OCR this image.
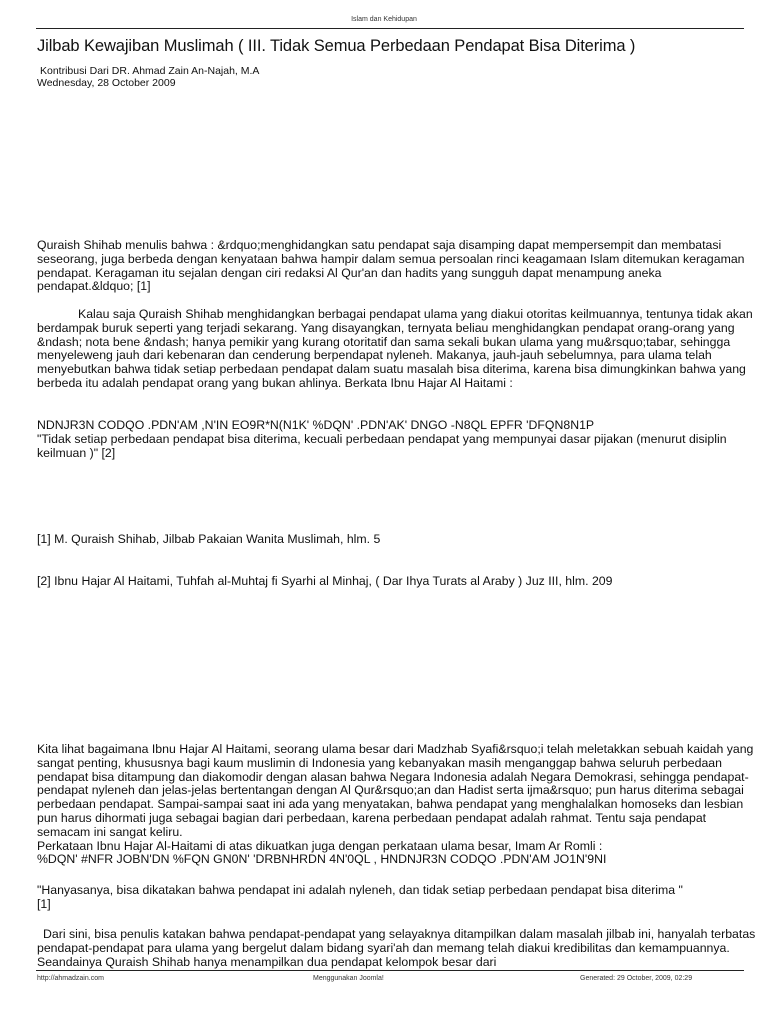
Islam dan Kehidupan
Jilbab Kewajiban Muslimah ( III. Tidak Semua Perbedaan Pendapat Bisa Diterima )
Kontribusi Dari DR. Ahmad Zain An-Najah, M.A
Wednesday, 28 October 2009

Quraish Shihab menulis bahwa : &rdquo;menghidangkan satu pendapat saja disamping dapat mempersempit dan membatasi seseorang, juga berbeda dengan kenyataan bahwa hampir dalam semua persoalan rinci keagamaan Islam ditemukan keragaman pendapat. Keragaman itu sejalan dengan ciri redaksi Al Qur'an dan hadits yang sungguh dapat menampung aneka pendapat.&ldquo; [1]

Kalau saja Quraish Shihab menghidangkan berbagai pendapat ulama yang diakui otoritas keilmuannya, tentunya tidak akan berdampak buruk seperti yang terjadi sekarang. Yang disayangkan, ternyata beliau menghidangkan pendapat orang-orang yang &ndash; nota bene &ndash; hanya pemikir yang kurang otoritatif dan sama sekali bukan ulama yang mu&rsquo;tabar, sehingga menyeleweng jauh dari kebenaran dan cenderung berpendapat nyleneh. Makanya, jauh-jauh sebelumnya, para ulama telah menyebutkan bahwa tidak setiap perbedaan pendapat dalam suatu masalah bisa diterima, karena bisa dimungkinkan bahwa yang berbeda itu adalah pendapat orang yang bukan ahlinya. Berkata Ibnu Hajar Al Haitami :

NDNJR3N CODQO .PDN'AM ,N'IN EO9R*N(N1K' %DQN' .PDN'AK' DNGO -N8QL EPFR 'DFQN8N1P
"Tidak setiap perbedaan pendapat bisa diterima, kecuali perbedaan pendapat yang mempunyai dasar pijakan (menurut disiplin keilmuan )" [2]

[1] M. Quraish Shihab, Jilbab Pakaian Wanita Muslimah, hlm. 5

[2] Ibnu Hajar Al Haitami, Tuhfah al-Muhtaj fi Syarhi al Minhaj, ( Dar Ihya Turats al Araby ) Juz III, hlm. 209

Kita lihat bagaimana Ibnu Hajar Al Haitami, seorang ulama besar dari Madzhab Syafi&rsquo;i telah meletakkan sebuah kaidah yang sangat penting, khususnya bagi kaum muslimin di Indonesia yang kebanyakan masih menganggap bahwa seluruh perbedaan pendapat bisa ditampung dan diakomodir dengan alasan bahwa Negara Indonesia adalah Negara Demokrasi, sehingga pendapat-pendapat nyleneh dan jelas-jelas bertentangan dengan Al Qur&rsquo;an dan Hadist serta ijma&rsquo; pun harus diterima sebagai perbedaan pendapat. Sampai-sampai saat ini ada yang menyatakan, bahwa pendapat yang menghalalkan homoseks dan lesbian pun harus dihormati juga sebagai bagian dari perbedaan, karena perbedaan pendapat adalah rahmat. Tentu saja pendapat semacam ini sangat keliru.
Perkataan Ibnu Hajar Al-Haitami di atas dikuatkan juga dengan perkataan ulama besar, Imam Ar Romli :
%DQN' #NFR JOBN'DN %FQN GN0N' 'DRBNHRDN 4N'0QL , HNDNJR3N CODQO .PDN'AM JO1N'9NI

"Hanyasanya, bisa dikatakan bahwa pendapat ini adalah nyleneh, dan tidak setiap perbedaan pendapat bisa diterima "
[1]

Dari sini, bisa penulis katakan bahwa pendapat-pendapat yang selayaknya ditampilkan dalam masalah jilbab ini, hanyalah terbatas pendapat-pendapat para ulama yang bergelut dalam bidang syari'ah dan memang telah diakui kredibilitas dan kemampuannya. Seandainya Quraish Shihab hanya menampilkan dua pendapat kelompok besar dari

http://ahmadzain.com	Menggunakan Joomla!	Generated: 29 October, 2009, 02:29
